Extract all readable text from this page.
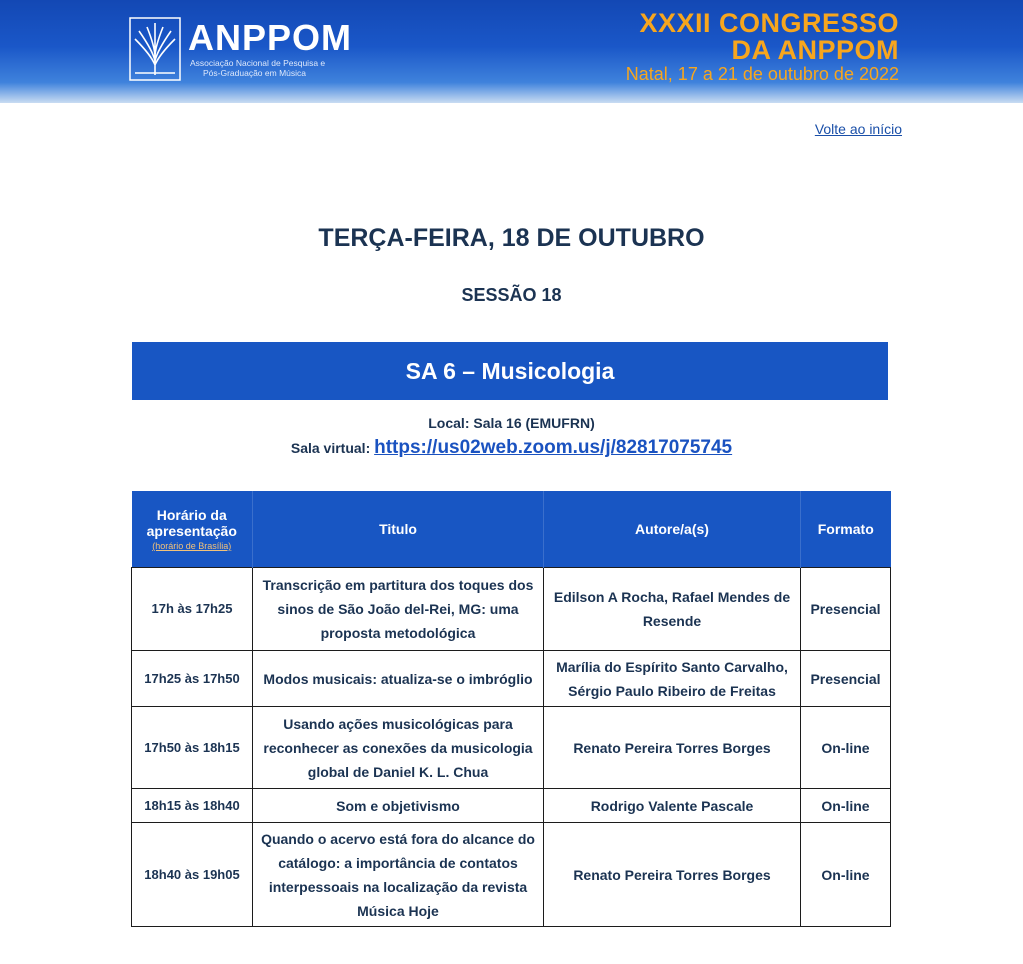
ANPPOM
Associação Nacional de Pesquisa e
Pós-Graduação em Música
XXXII CONGRESSO
DA ANPPOM
Natal, 17 a 21 de outubro de 2022
Volte ao início
TERÇA-FEIRA, 18 DE OUTUBRO
SESSÃO 18
SA 6 – Musicologia
Local: Sala 16 (EMUFRN)
Sala virtual: https://us02web.zoom.us/j/82817075745
Horário da apresentação
(horário de Brasília)	Titulo	Autore/a(s)	Formato
17h às 17h25	Transcrição em partitura dos toques dos sinos de São João del-Rei, MG: uma proposta metodológica	Edilson A Rocha, Rafael Mendes de Resende	Presencial
17h25 às 17h50	Modos musicais: atualiza-se o imbróglio	Marília do Espírito Santo Carvalho, Sérgio Paulo Ribeiro de Freitas	Presencial
17h50 às 18h15	Usando ações musicológicas para reconhecer as conexões da musicologia global de Daniel K. L. Chua	Renato Pereira Torres Borges	On-line
18h15 às 18h40	Som e objetivismo	Rodrigo Valente Pascale	On-line
18h40 às 19h05	Quando o acervo está fora do alcance do catálogo: a importância de contatos interpessoais na localização da revista Música Hoje	Renato Pereira Torres Borges	On-line
